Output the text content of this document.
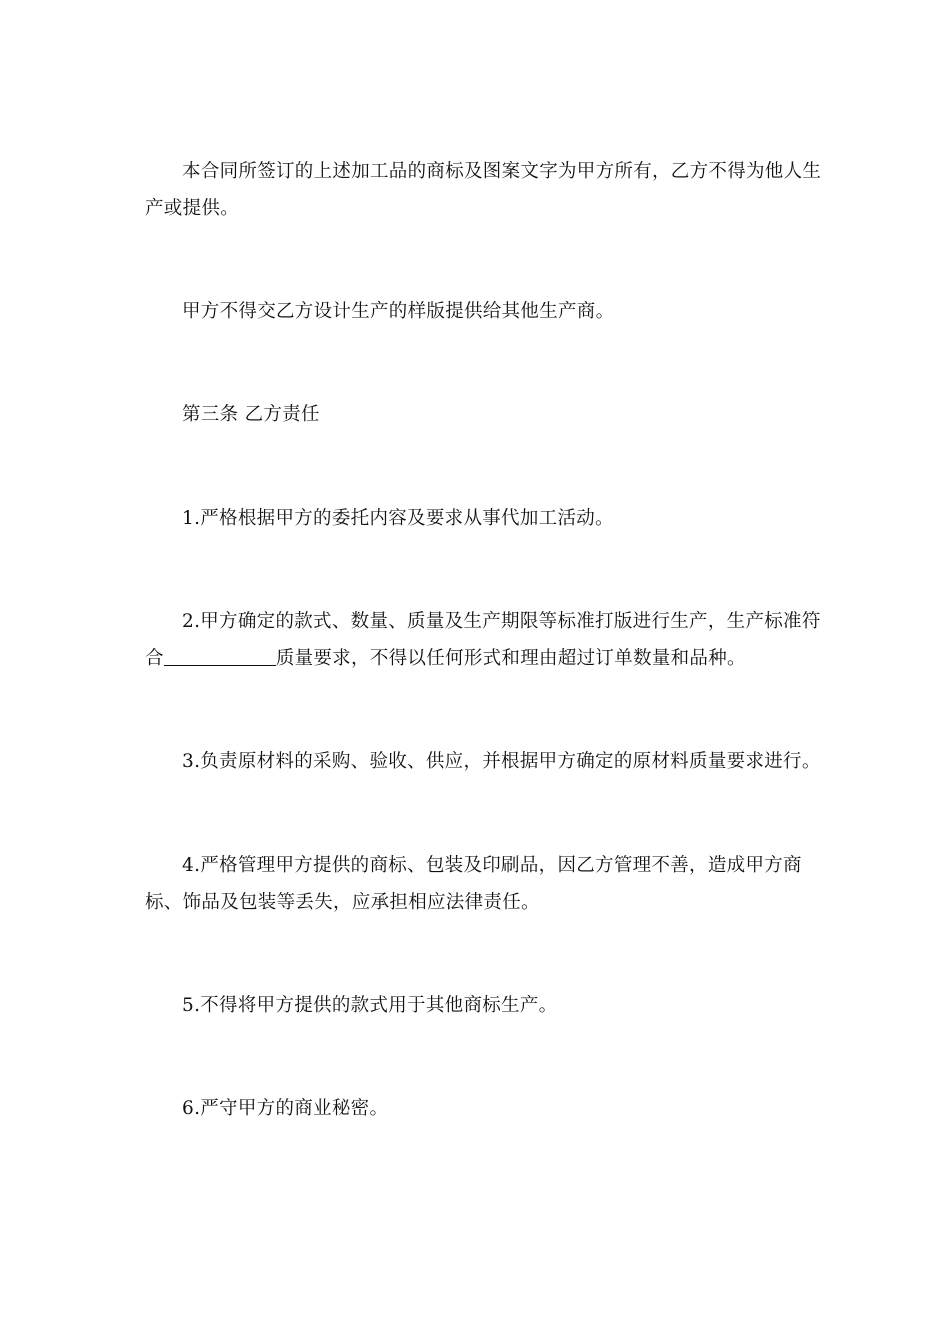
本合同所签订的上述加工品的商标及图案文字为甲方所有，乙方不得为他人生产或提供。

甲方不得交乙方设计生产的样版提供给其他生产商。

第三条 乙方责任

1.严格根据甲方的委托内容及要求从事代加工活动。

2.甲方确定的款式、数量、质量及生产期限等标准打版进行生产，生产标准符合	质量要求，不得以任何形式和理由超过订单数量和品种。

3.负责原材料的采购、验收、供应，并根据甲方确定的原材料质量要求进行。

4.严格管理甲方提供的商标、包装及印刷品，因乙方管理不善，造成甲方商标、饰品及包装等丢失，应承担相应法律责任。

5.不得将甲方提供的款式用于其他商标生产。

6.严守甲方的商业秘密。
